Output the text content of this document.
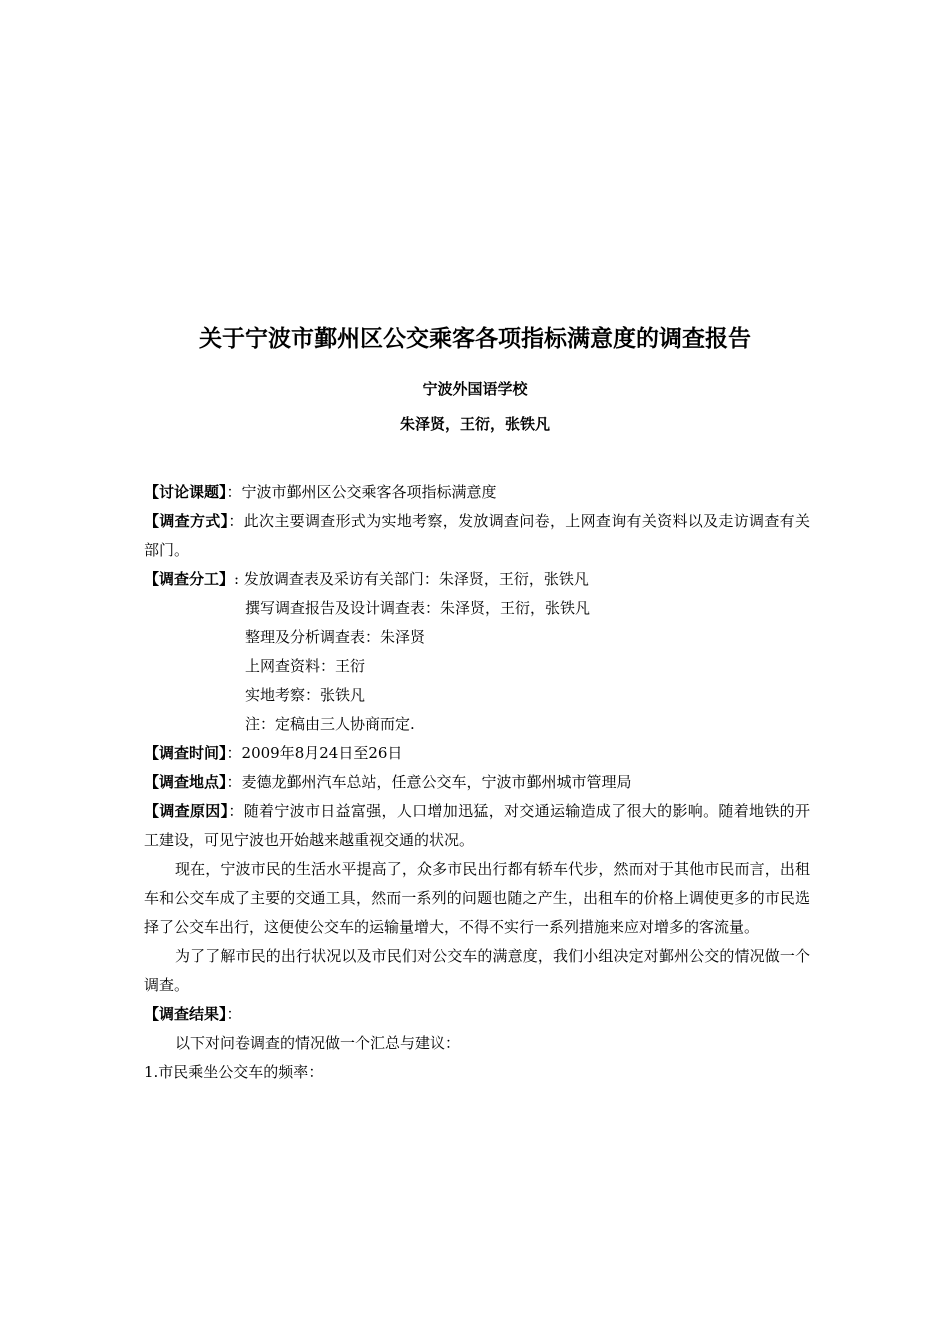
关于宁波市鄞州区公交乘客各项指标满意度的调查报告
宁波外国语学校
朱泽贤，王衍，张铁凡
【讨论课题】：宁波市鄞州区公交乘客各项指标满意度
【调查方式】：此次主要调查形式为实地考察，发放调查问卷，上网查询有关资料以及走访调查有关部门。
【调查分工】: 发放调查表及采访有关部门：朱泽贤，王衍，张铁凡
撰写调查报告及设计调查表：朱泽贤，王衍，张铁凡
整理及分析调查表：朱泽贤
上网查资料：王衍
实地考察：张铁凡
注：定稿由三人协商而定.
【调查时间】：2009年8月24日至26日
【调查地点】：麦德龙鄞州汽车总站，任意公交车，宁波市鄞州城市管理局
【调查原因】：随着宁波市日益富强，人口增加迅猛，对交通运输造成了很大的影响。随着地铁的开工建设，可见宁波也开始越来越重视交通的状况。
现在，宁波市民的生活水平提高了，众多市民出行都有轿车代步，然而对于其他市民而言，出租车和公交车成了主要的交通工具，然而一系列的问题也随之产生，出租车的价格上调使更多的市民选择了公交车出行，这便使公交车的运输量增大，不得不实行一系列措施来应对增多的客流量。
为了了解市民的出行状况以及市民们对公交车的满意度，我们小组决定对鄞州公交的情况做一个调查。
【调查结果】：
以下对问卷调查的情况做一个汇总与建议：
1.市民乘坐公交车的频率：
